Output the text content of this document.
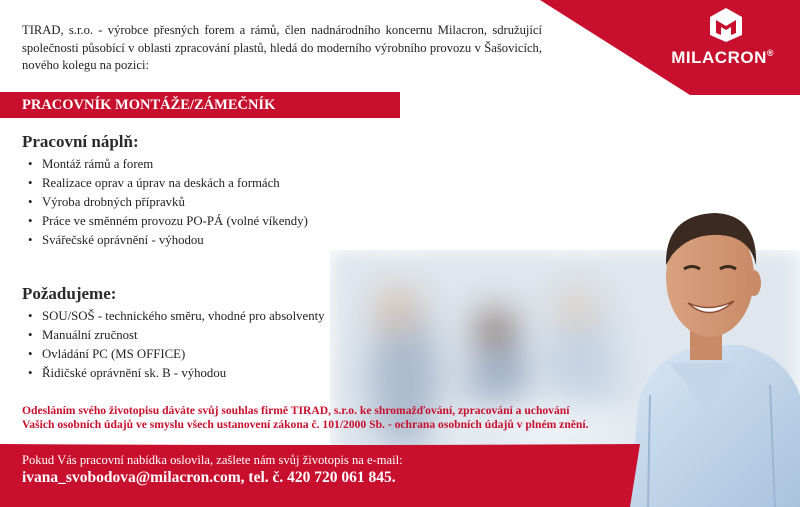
MILACRON®
TIRAD, s.r.o. - výrobce přesných forem a rámů, člen nadnárodního koncernu Milacron, sdružující společnosti působící v oblasti zpracování plastů, hledá do moderního výrobního provozu v Šašovicích, nového kolegu na pozici:
PRACOVNÍK MONTÁŽE/ZÁMEČNÍK
Pracovní náplň:
• Montáž rámů a forem
• Realizace oprav a úprav na deskách a formách
• Výroba drobných přípravků
• Práce ve směnném provozu PO-PÁ (volné víkendy)
• Svářečské oprávnění - výhodou
Požadujeme:
• SOU/SOŠ - technického směru, vhodné pro absolventy
• Manuální zručnost
• Ovládání PC (MS OFFICE)
• Řidičské oprávnění sk. B - výhodou
Odesláním svého životopisu dáváte svůj souhlas firmě TIRAD, s.r.o. ke shromažďování, zpracování a uchování
Vašich osobních údajů ve smyslu všech ustanovení zákona č. 101/2000 Sb. - ochrana osobních údajů v plném znění.
Pokud Vás pracovní nabídka oslovila, zašlete nám svůj životopis na e-mail:
ivana_svobodova@milacron.com, tel. č. 420 720 061 845.
